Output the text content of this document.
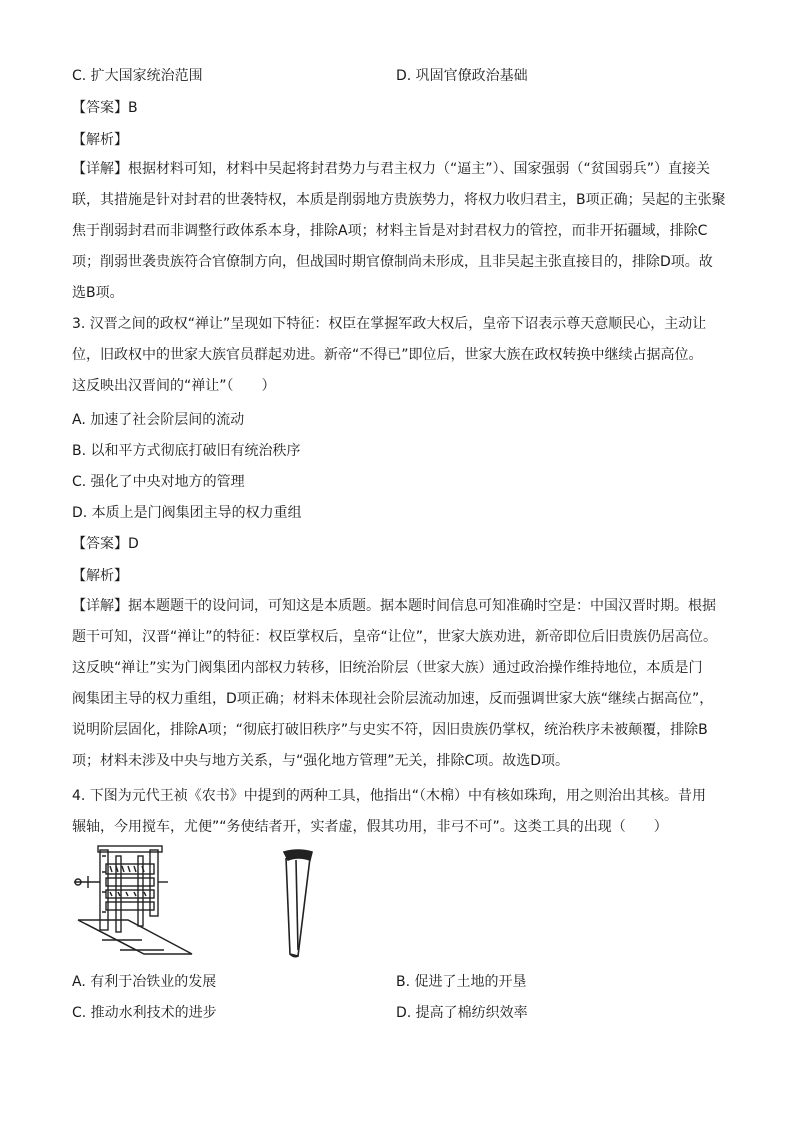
C. 扩大国家统治范围	D. 巩固官僚政治基础
【答案】B
【解析】
【详解】根据材料可知，材料中吴起将封君势力与君主权力（“逼主”）、国家强弱（“贫国弱兵”）直接关
联，其措施是针对封君的世袭特权，本质是削弱地方贵族势力，将权力收归君主，B项正确；吴起的主张聚
焦于削弱封君而非调整行政体系本身，排除A项；材料主旨是对封君权力的管控，而非开拓疆域，排除C
项；削弱世袭贵族符合官僚制方向，但战国时期官僚制尚未形成，且非吴起主张直接目的，排除D项。故
选B项。
3. 汉晋之间的政权“禅让”呈现如下特征：权臣在掌握军政大权后，皇帝下诏表示尊天意顺民心，主动让
位，旧政权中的世家大族官员群起劝进。新帝“不得已”即位后，世家大族在政权转换中继续占据高位。
这反映出汉晋间的“禅让”（　　）
A. 加速了社会阶层间的流动
B. 以和平方式彻底打破旧有统治秩序
C. 强化了中央对地方的管理
D. 本质上是门阀集团主导的权力重组
【答案】D
【解析】
【详解】据本题题干的设问词，可知这是本质题。据本题时间信息可知准确时空是：中国汉晋时期。根据
题干可知，汉晋“禅让”的特征：权臣掌权后，皇帝“让位”，世家大族劝进，新帝即位后旧贵族仍居高位。
这反映“禅让”实为门阀集团内部权力转移，旧统治阶层（世家大族）通过政治操作维持地位，本质是门
阀集团主导的权力重组，D项正确；材料未体现社会阶层流动加速，反而强调世家大族“继续占据高位”，
说明阶层固化，排除A项；“彻底打破旧秩序”与史实不符，因旧贵族仍掌权，统治秩序未被颠覆，排除B
项；材料未涉及中央与地方关系，与“强化地方管理”无关，排除C项。故选D项。
4. 下图为元代王祯《农书》中提到的两种工具，他指出“（木棉）中有核如珠珣，用之则治出其核。昔用
辗轴，今用搅车，尤便”“务使结者开，实者虚，假其功用，非弓不可”。这类工具的出现（　　）
A. 有利于冶铁业的发展	B. 促进了土地的开垦
C. 推动水利技术的进步	D. 提高了棉纺织效率
